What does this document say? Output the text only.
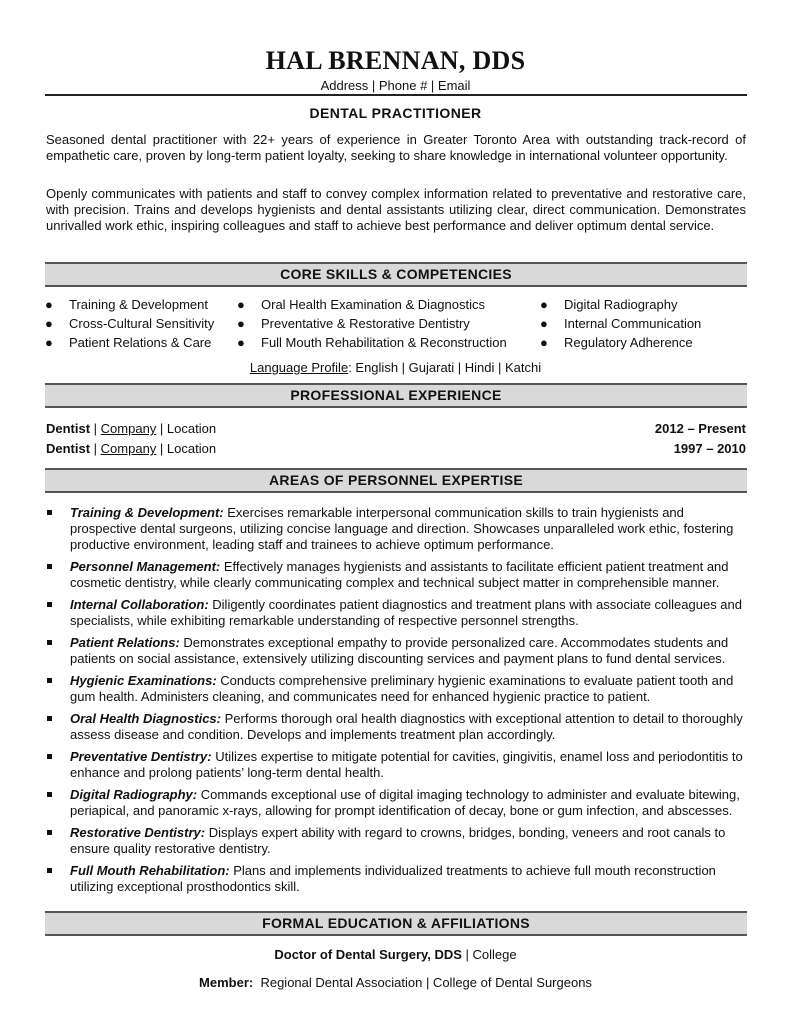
HAL BRENNAN, DDS
Address | Phone # | Email
DENTAL PRACTITIONER
Seasoned dental practitioner with 22+ years of experience in Greater Toronto Area with outstanding track-record of empathetic care, proven by long-term patient loyalty, seeking to share knowledge in international volunteer opportunity.
Openly communicates with patients and staff to convey complex information related to preventative and restorative care, with precision. Trains and develops hygienists and dental assistants utilizing clear, direct communication. Demonstrates unrivalled work ethic, inspiring colleagues and staff to achieve best performance and deliver optimum dental service.
CORE SKILLS & COMPETENCIES
● Training & Development
● Cross-Cultural Sensitivity
● Patient Relations & Care
● Oral Health Examination & Diagnostics
● Preventative & Restorative Dentistry
● Full Mouth Rehabilitation & Reconstruction
● Digital Radiography
● Internal Communication
● Regulatory Adherence
Language Profile: English | Gujarati | Hindi | Katchi
PROFESSIONAL EXPERIENCE
Dentist | Company | Location	2012 – Present
Dentist | Company | Location	1997 – 2010
AREAS OF PERSONNEL EXPERTISE
Training & Development: Exercises remarkable interpersonal communication skills to train hygienists and prospective dental surgeons, utilizing concise language and direction. Showcases unparalleled work ethic, fostering productive environment, leading staff and trainees to achieve optimum performance.
Personnel Management: Effectively manages hygienists and assistants to facilitate efficient patient treatment and cosmetic dentistry, while clearly communicating complex and technical subject matter in comprehensible manner.
Internal Collaboration: Diligently coordinates patient diagnostics and treatment plans with associate colleagues and specialists, while exhibiting remarkable understanding of respective personnel strengths.
Patient Relations: Demonstrates exceptional empathy to provide personalized care. Accommodates students and patients on social assistance, extensively utilizing discounting services and payment plans to fund dental services.
Hygienic Examinations: Conducts comprehensive preliminary hygienic examinations to evaluate patient tooth and gum health. Administers cleaning, and communicates need for enhanced hygienic practice to patient.
Oral Health Diagnostics: Performs thorough oral health diagnostics with exceptional attention to detail to thoroughly assess disease and condition. Develops and implements treatment plan accordingly.
Preventative Dentistry: Utilizes expertise to mitigate potential for cavities, gingivitis, enamel loss and periodontitis to enhance and prolong patients’ long-term dental health.
Digital Radiography: Commands exceptional use of digital imaging technology to administer and evaluate bitewing, periapical, and panoramic x-rays, allowing for prompt identification of decay, bone or gum infection, and abscesses.
Restorative Dentistry: Displays expert ability with regard to crowns, bridges, bonding, veneers and root canals to ensure quality restorative dentistry.
Full Mouth Rehabilitation: Plans and implements individualized treatments to achieve full mouth reconstruction utilizing exceptional prosthodontics skill.
FORMAL EDUCATION & AFFILIATIONS
Doctor of Dental Surgery, DDS | College
Member:  Regional Dental Association | College of Dental Surgeons
